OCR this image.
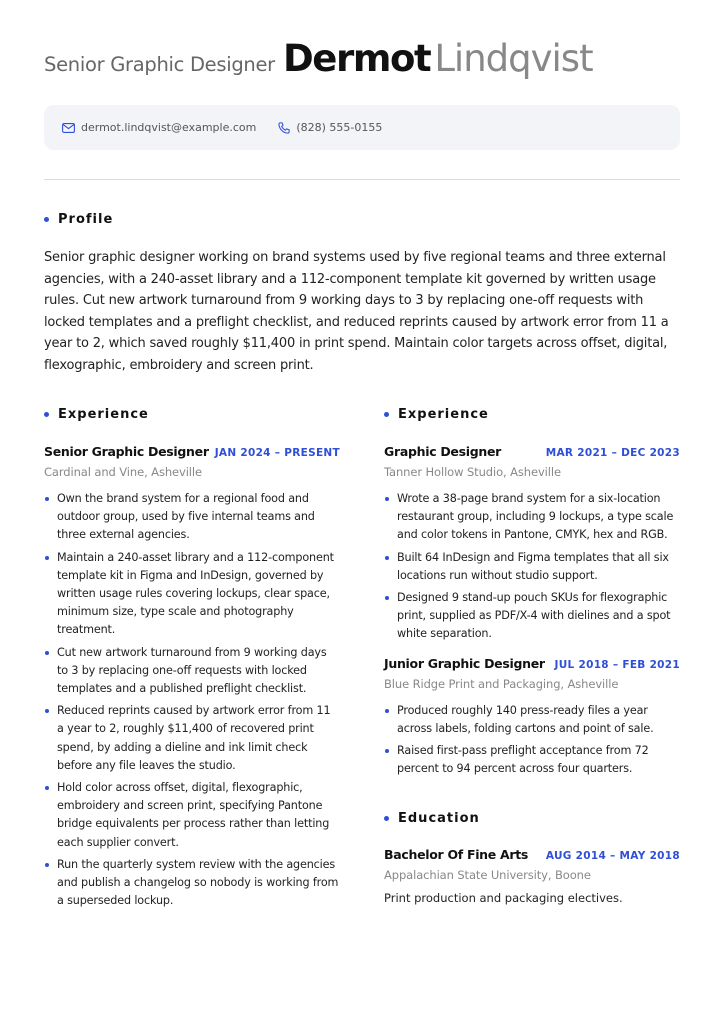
Senior Graphic Designer Dermot Lindqvist
dermot.lindqvist@example.com	(828) 555-0155
Profile
Senior graphic designer working on brand systems used by five regional teams and three external agencies, with a 240-asset library and a 112-component template kit governed by written usage rules. Cut new artwork turnaround from 9 working days to 3 by replacing one-off requests with locked templates and a preflight checklist, and reduced reprints caused by artwork error from 11 a year to 2, which saved roughly $11,400 in print spend. Maintain color targets across offset, digital, flexographic, embroidery and screen print.
Experience
Senior Graphic Designer JAN 2024 – PRESENT
Cardinal and Vine, Asheville
Own the brand system for a regional food and outdoor group, used by five internal teams and three external agencies.
Maintain a 240-asset library and a 112-component template kit in Figma and InDesign, governed by written usage rules covering lockups, clear space, minimum size, type scale and photography treatment.
Cut new artwork turnaround from 9 working days to 3 by replacing one-off requests with locked templates and a published preflight checklist.
Reduced reprints caused by artwork error from 11 a year to 2, roughly $11,400 of recovered print spend, by adding a dieline and ink limit check before any file leaves the studio.
Hold color across offset, digital, flexographic, embroidery and screen print, specifying Pantone bridge equivalents per process rather than letting each supplier convert.
Run the quarterly system review with the agencies and publish a changelog so nobody is working from a superseded lockup.
Experience
Graphic Designer	MAR 2021 – DEC 2023
Tanner Hollow Studio, Asheville
Wrote a 38-page brand system for a six-location restaurant group, including 9 lockups, a type scale and color tokens in Pantone, CMYK, hex and RGB.
Built 64 InDesign and Figma templates that all six locations run without studio support.
Designed 9 stand-up pouch SKUs for flexographic print, supplied as PDF/X-4 with dielines and a spot white separation.
Junior Graphic Designer JUL 2018 – FEB 2021
Blue Ridge Print and Packaging, Asheville
Produced roughly 140 press-ready files a year across labels, folding cartons and point of sale.
Raised first-pass preflight acceptance from 72 percent to 94 percent across four quarters.
Education
Bachelor Of Fine Arts AUG 2014 – MAY 2018
Appalachian State University, Boone
Print production and packaging electives.
